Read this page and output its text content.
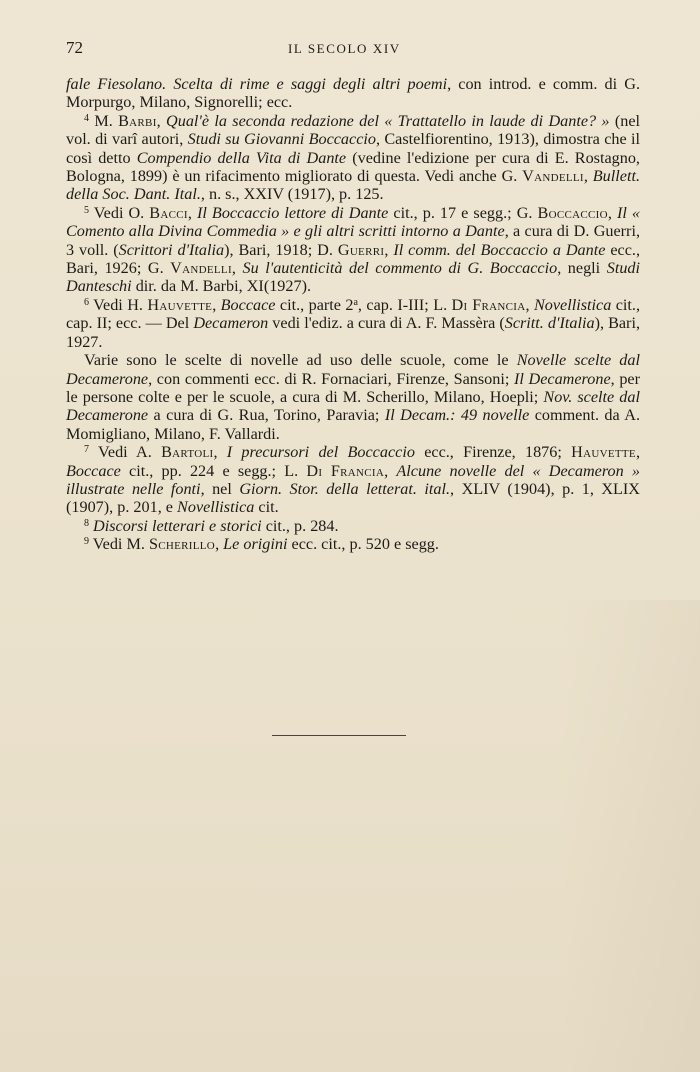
72	IL SECOLO XIV

fale Fiesolano. Scelta di rime e saggi degli altri poemi, con introd. e comm. di G. Morpurgo, Milano, Signorelli; ecc.

$^4$ M. Barbi, Qual'è la seconda redazione del « Trattatello in laude di Dante? » (nel vol. di varî autori, Studi su Giovanni Boccaccio, Castelfiorentino, 1913), dimostra che il così detto Compendio della Vita di Dante (vedine l'edizione per cura di E. Rostagno, Bologna, 1899) è un rifacimento migliorato di questa. Vedi anche G. Vandelli, Bullett. della Soc. Dant. Ital., n. s., XXIV (1917), p. 125.

$^5$ Vedi O. Bacci, Il Boccaccio lettore di Dante cit., p. 17 e segg.; G. Boccaccio, Il « Comento alla Divina Commedia » e gli altri scritti intorno a Dante, a cura di D. Guerri, 3 voll. (Scrittori d'Italia), Bari, 1918; D. Guerri, Il comm. del Boccaccio a Dante ecc., Bari, 1926; G. Vandelli, Su l'autenticità del commento di G. Boccaccio, negli Studi Danteschi dir. da M. Barbi, XI(1927).

$^6$ Vedi H. Hauvette, Boccace cit., parte 2$^a$, cap. I-III; L. Di Francia, Novellistica cit., cap. II; ecc. — Del Decameron vedi l'ediz. a cura di A. F. Massèra (Scritt. d'Italia), Bari, 1927.

Varie sono le scelte di novelle ad uso delle scuole, come le Novelle scelte dal Decamerone, con commenti ecc. di R. Fornaciari, Firenze, Sansoni; Il Decamerone, per le persone colte e per le scuole, a cura di M. Scherillo, Milano, Hoepli; Nov. scelte dal Decamerone a cura di G. Rua, Torino, Paravia; Il Decam.: 49 novelle comment. da A. Momigliano, Milano, F. Vallardi.

$^7$ Vedi A. Bartoli, I precursori del Boccaccio ecc., Firenze, 1876; Hauvette, Boccace cit., pp. 224 e segg.; L. Di Francia, Alcune novelle del « Decameron » illustrate nelle fonti, nel Giorn. Stor. della letterat. ital., XLIV (1904), p. 1, XLIX (1907), p. 201, e Novellistica cit.

$^8$ Discorsi letterari e storici cit., p. 284.

$^9$ Vedi M. Scherillo, Le origini ecc. cit., p. 520 e segg.
